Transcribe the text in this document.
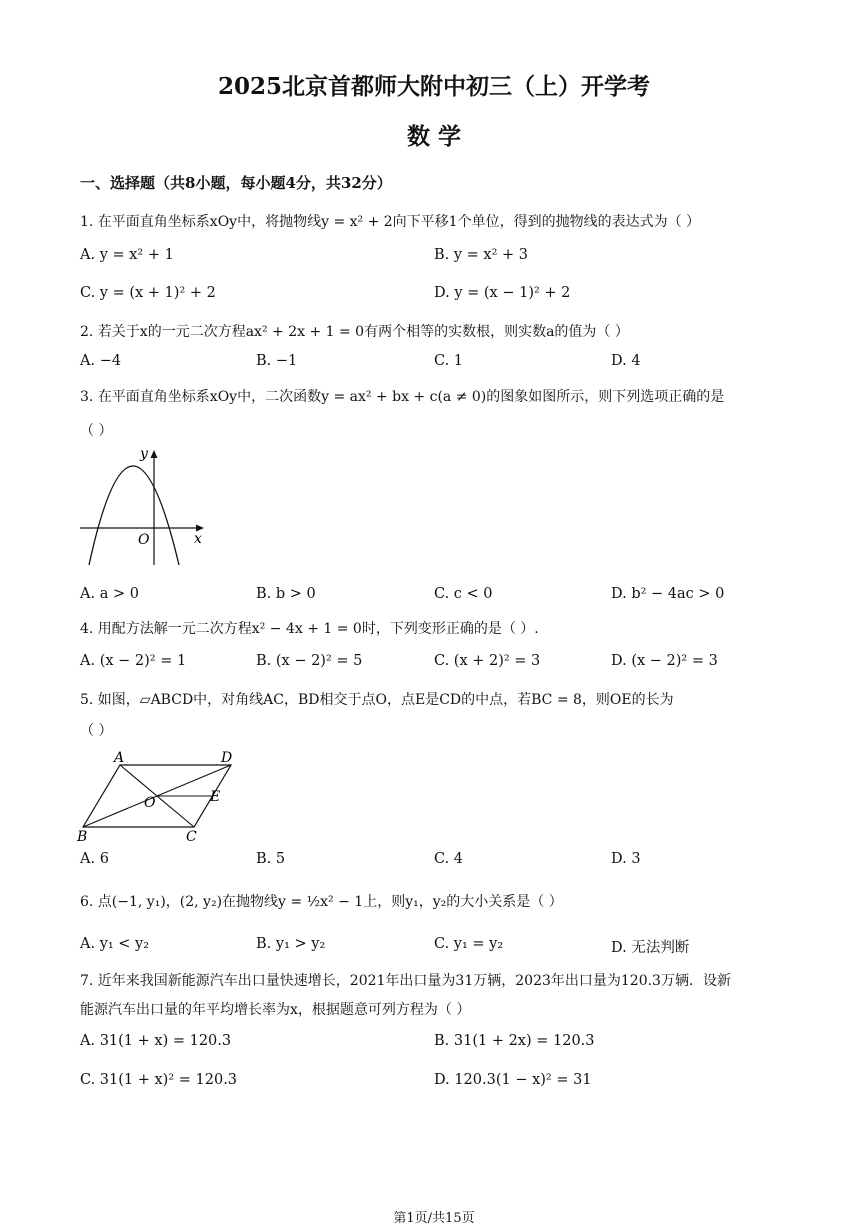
2025北京首都师大附中初三（上）开学考
数 学
一、选择题（共8小题，每小题4分，共32分）
1. 在平面直角坐标系xOy中，将抛物线y = x² + 2向下平移1个单位，得到的抛物线的表达式为（ ）
A. y = x² + 1	B. y = x² + 3
C. y = (x + 1)² + 2	D. y = (x − 1)² + 2
2. 若关于x的一元二次方程ax² + 2x + 1 = 0有两个相等的实数根，则实数a的值为（ ）
A. −4	B. −1	C. 1	D. 4
3. 在平面直角坐标系xOy中，二次函数y = ax² + bx + c(a ≠ 0)的图象如图所示，则下列选项正确的是
（ ）
y
x
O
A. a > 0	B. b > 0	C. c < 0	D. b² − 4ac > 0
4. 用配方法解一元二次方程x² − 4x + 1 = 0时，下列变形正确的是（ ）.
A. (x − 2)² = 1	B. (x − 2)² = 5	C. (x + 2)² = 3	D. (x − 2)² = 3
5. 如图，▱ABCD中，对角线AC，BD相交于点O，点E是CD的中点，若BC = 8，则OE的长为
（ ）
A	D
B	C
E
O
A. 6	B. 5	C. 4	D. 3
6. 点(−1, y₁)，(2, y₂)在抛物线y = ½x² − 1上，则y₁，y₂的大小关系是（ ）
A. y₁ < y₂	B. y₁ > y₂	C. y₁ = y₂	D. 无法判断
7. 近年来我国新能源汽车出口量快速增长，2021年出口量为31万辆，2023年出口量为120.3万辆．设新
能源汽车出口量的年平均增长率为x，根据题意可列方程为（ ）
A. 31(1 + x) = 120.3	B. 31(1 + 2x) = 120.3
C. 31(1 + x)² = 120.3	D. 120.3(1 − x)² = 31
第1页/共15页
